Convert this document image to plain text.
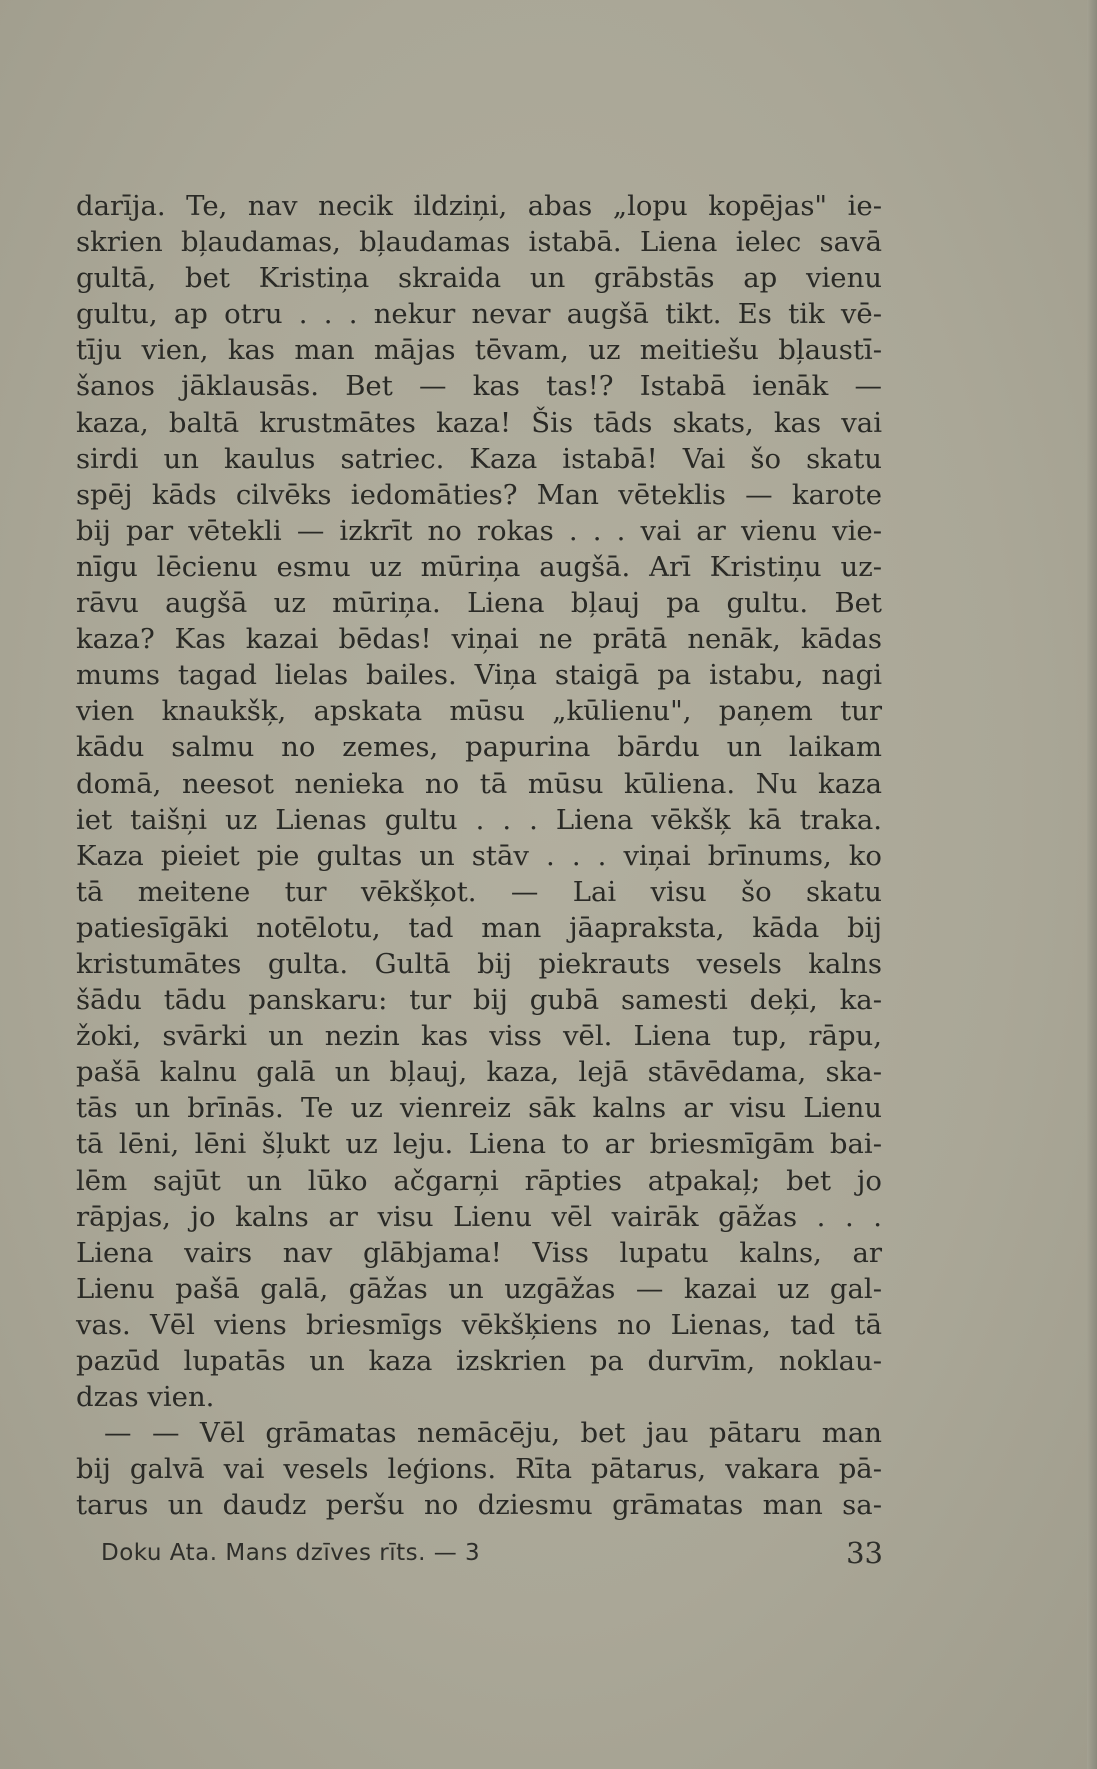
darīja. Te, nav necik ildziņi, abas „lopu kopējas" ie-
skrien bļaudamas, bļaudamas istabā. Liena ielec savā
gultā, bet Kristiņa skraida un grābstās ap vienu
gultu, ap otru . . . nekur nevar augšā tikt. Es tik vē-
tīju vien, kas man mājas tēvam, uz meitiešu bļaustī-
šanos jāklausās. Bet — kas tas!? Istabā ienāk —
kaza, baltā krustmātes kaza! Šis tāds skats, kas vai
sirdi un kaulus satriec. Kaza istabā! Vai šo skatu
spēj kāds cilvēks iedomāties? Man vēteklis — karote
bij par vētekli — izkrīt no rokas . . . vai ar vienu vie-
nīgu lēcienu esmu uz mūriņa augšā. Arī Kristiņu uz-
rāvu augšā uz mūriņa. Liena bļauj pa gultu. Bet
kaza? Kas kazai bēdas! viņai ne prātā nenāk, kādas
mums tagad lielas bailes. Viņa staigā pa istabu, nagi
vien knaukšķ, apskata mūsu „kūlienu", paņem tur
kādu salmu no zemes, papurina bārdu un laikam
domā, neesot nenieka no tā mūsu kūliena. Nu kaza
iet taišņi uz Lienas gultu . . . Liena vēkšķ kā traka.
Kaza pieiet pie gultas un stāv . . . viņai brīnums, ko
tā meitene tur vēkšķot. — Lai visu šo skatu
patiesīgāki notēlotu, tad man jāapraksta, kāda bij
kristumātes gulta. Gultā bij piekrauts vesels kalns
šādu tādu panskaru: tur bij gubā samesti deķi, ka-
žoki, svārki un nezin kas viss vēl. Liena tup, rāpu,
pašā kalnu galā un bļauj, kaza, lejā stāvēdama, ska-
tās un brīnās. Te uz vienreiz sāk kalns ar visu Lienu
tā lēni, lēni šļukt uz leju. Liena to ar briesmīgām bai-
lēm sajūt un lūko ačgarņi rāpties atpakaļ; bet jo
rāpjas, jo kalns ar visu Lienu vēl vairāk gāžas . . .
Liena vairs nav glābjama! Viss lupatu kalns, ar
Lienu pašā galā, gāžas un uzgāžas — kazai uz gal-
vas. Vēl viens briesmīgs vēkšķiens no Lienas, tad tā
pazūd lupatās un kaza izskrien pa durvīm, noklau-
dzas vien.
— — Vēl grāmatas nemācēju, bet jau pātaru man
bij galvā vai vesels leģions. Rīta pātarus, vakara pā-
tarus un daudz peršu no dziesmu grāmatas man sa-
Doku Ata. Mans dzīves rīts. — 3	33
